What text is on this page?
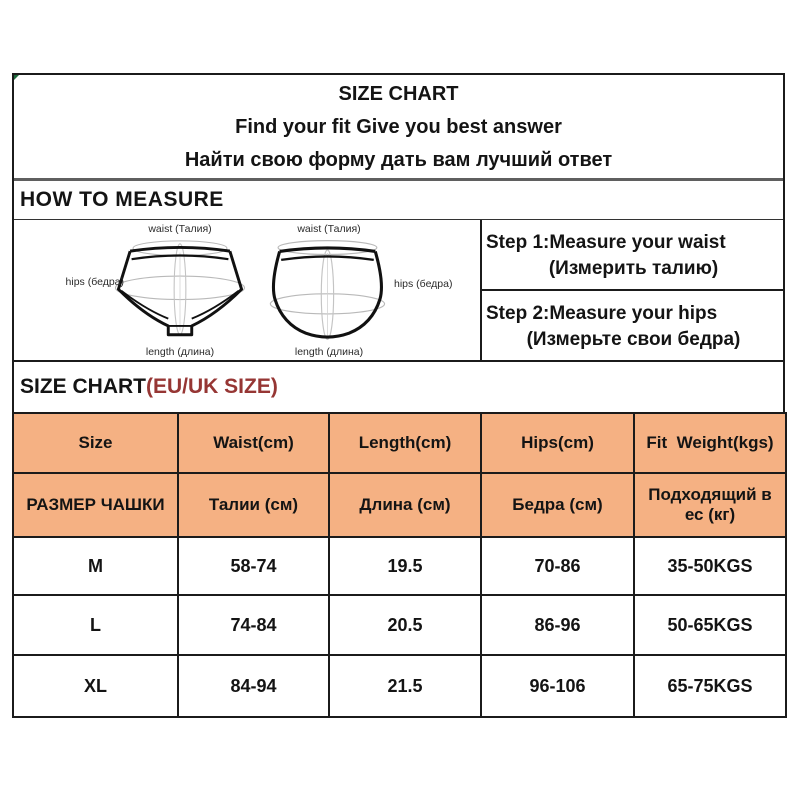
SIZE CHART
Find your fit Give you best answer
Найти свою форму дать вам лучший ответ
HOW TO MEASURE
waist (Талия)
hips (бедра)
length (длина)
waist (Талия)
hips (бедра)
length (длина)
Step 1:Measure your waist
(Измерить талию)
Step 2:Measure your hips
(Измерьте свои бедра)
SIZE CHART (EU/UK SIZE)
Size	Waist(cm)	Length(cm)	Hips(cm)	Fit  Weight(kgs)
РАЗМЕР ЧАШКИ	Талии (см)	Длина (см)	Бедра (см)	Подходящий в ес (кг)
M	58-74	19.5	70-86	35-50KGS
L	74-84	20.5	86-96	50-65KGS
XL	84-94	21.5	96-106	65-75KGS
